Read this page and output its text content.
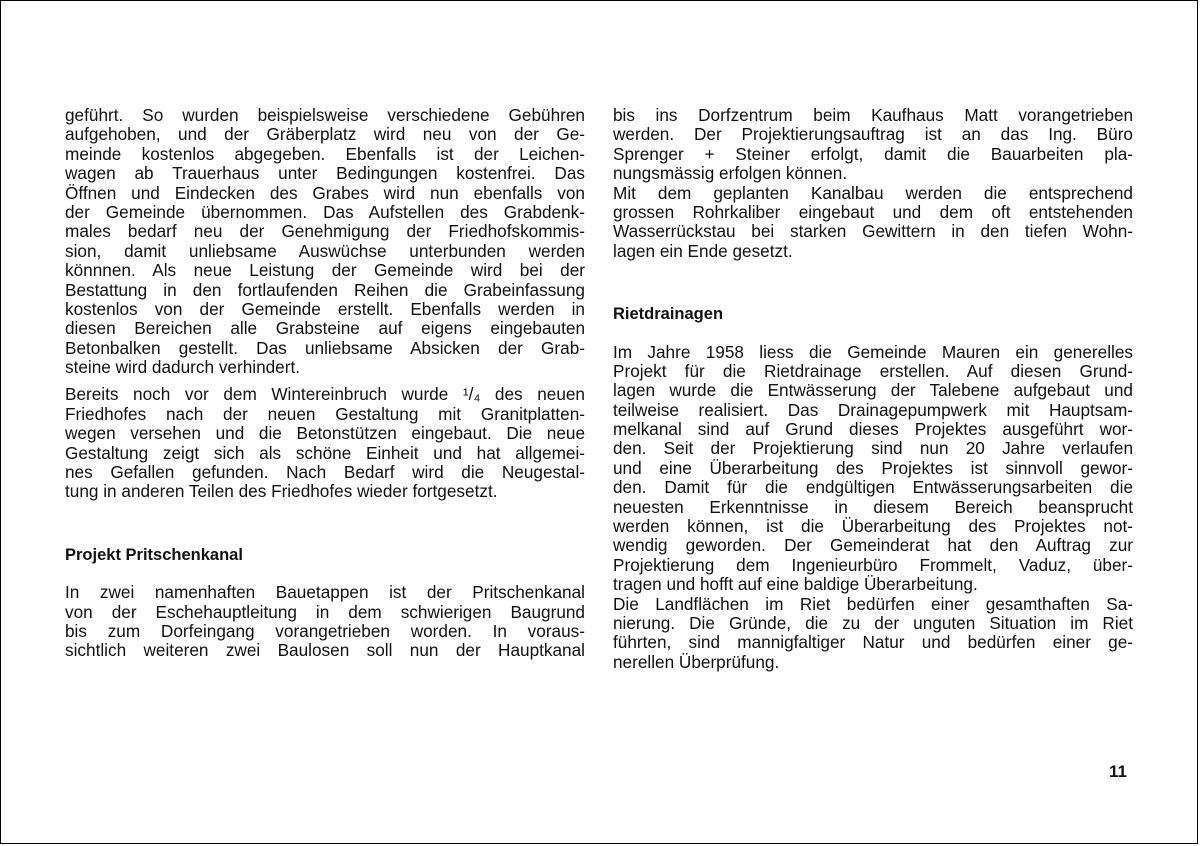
geführt. So wurden beispielsweise verschiedene Gebühren
aufgehoben, und der Gräberplatz wird neu von der Ge-
meinde kostenlos abgegeben. Ebenfalls ist der Leichen-
wagen ab Trauerhaus unter Bedingungen kostenfrei. Das
Öffnen und Eindecken des Grabes wird nun ebenfalls von
der Gemeinde übernommen. Das Aufstellen des Grabdenk-
males bedarf neu der Genehmigung der Friedhofskommis-
sion, damit unliebsame Auswüchse unterbunden werden
könnnen. Als neue Leistung der Gemeinde wird bei der
Bestattung in den fortlaufenden Reihen die Grabeinfassung
kostenlos von der Gemeinde erstellt. Ebenfalls werden in
diesen Bereichen alle Grabsteine auf eigens eingebauten
Betonbalken gestellt. Das unliebsame Absicken der Grab-
steine wird dadurch verhindert.
Bereits noch vor dem Wintereinbruch wurde ¹/₄ des neuen
Friedhofes nach der neuen Gestaltung mit Granitplatten-
wegen versehen und die Betonstützen eingebaut. Die neue
Gestaltung zeigt sich als schöne Einheit und hat allgemei-
nes Gefallen gefunden. Nach Bedarf wird die Neugestal-
tung in anderen Teilen des Friedhofes wieder fortgesetzt.
Projekt Pritschenkanal
In zwei namenhaften Bauetappen ist der Pritschenkanal
von der Eschehauptleitung in dem schwierigen Baugrund
bis zum Dorfeingang vorangetrieben worden. In voraus-
sichtlich weiteren zwei Baulosen soll nun der Hauptkanal
bis ins Dorfzentrum beim Kaufhaus Matt vorangetrieben
werden. Der Projektierungsauftrag ist an das Ing. Büro
Sprenger + Steiner erfolgt, damit die Bauarbeiten pla-
nungsmässig erfolgen können.
Mit dem geplanten Kanalbau werden die entsprechend
grossen Rohrkaliber eingebaut und dem oft entstehenden
Wasserrückstau bei starken Gewittern in den tiefen Wohn-
lagen ein Ende gesetzt.
Rietdrainagen
Im Jahre 1958 liess die Gemeinde Mauren ein generelles
Projekt für die Rietdrainage erstellen. Auf diesen Grund-
lagen wurde die Entwässerung der Talebene aufgebaut und
teilweise realisiert. Das Drainagepumpwerk mit Hauptsam-
melkanal sind auf Grund dieses Projektes ausgeführt wor-
den. Seit der Projektierung sind nun 20 Jahre verlaufen
und eine Überarbeitung des Projektes ist sinnvoll gewor-
den. Damit für die endgültigen Entwässerungsarbeiten die
neuesten Erkenntnisse in diesem Bereich beansprucht
werden können, ist die Überarbeitung des Projektes not-
wendig geworden. Der Gemeinderat hat den Auftrag zur
Projektierung dem Ingenieurbüro Frommelt, Vaduz, über-
tragen und hofft auf eine baldige Überarbeitung.
Die Landflächen im Riet bedürfen einer gesamthaften Sa-
nierung. Die Gründe, die zu der unguten Situation im Riet
führten, sind mannigfaltiger Natur und bedürfen einer ge-
nerellen Überprüfung.
11
